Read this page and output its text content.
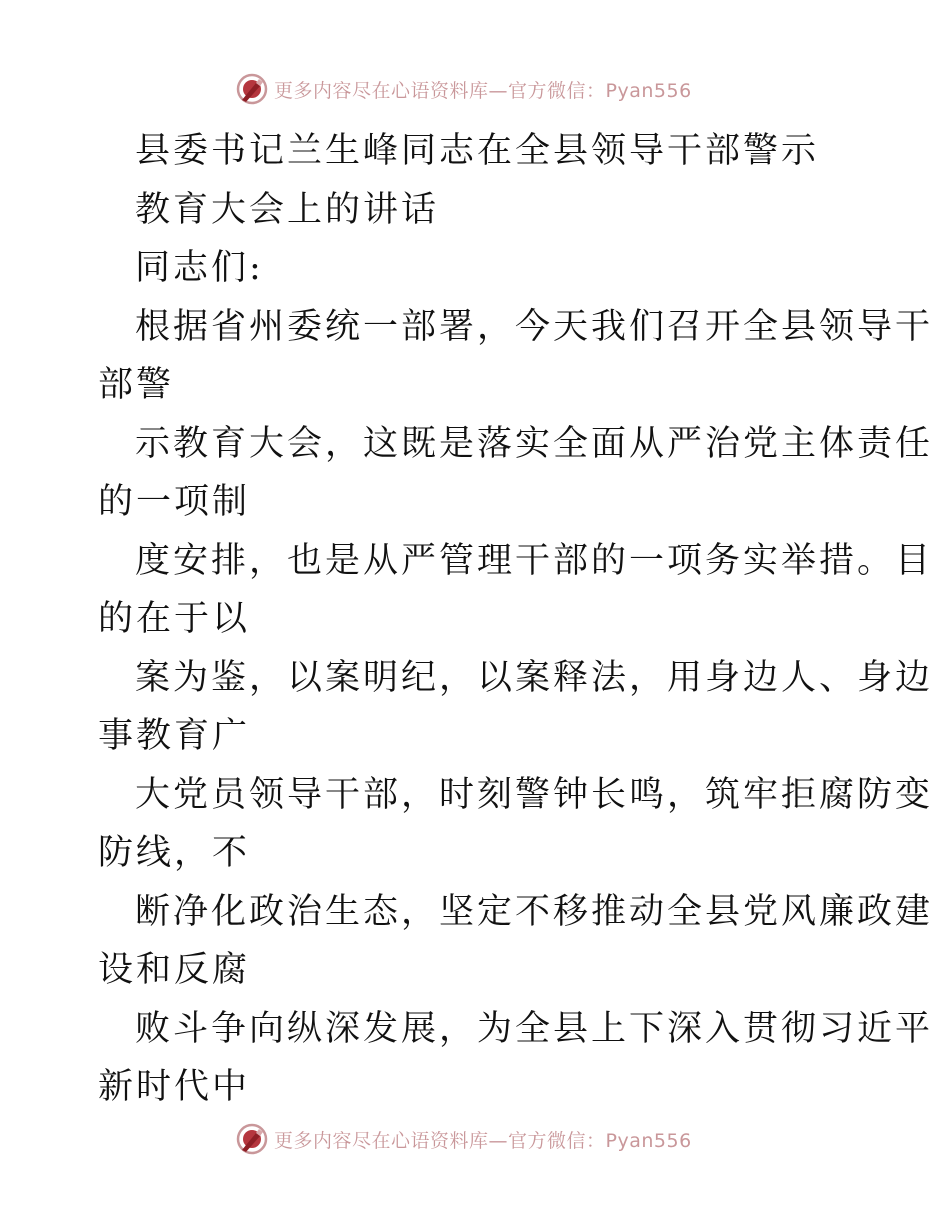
更多内容尽在心语资料库—官方微信：Pyan556
县委书记兰生峰同志在全县领导干部警示
教育大会上的讲话
同志们:
根据省州委统一部署，今天我们召开全县领导干
部警
示教育大会，这既是落实全面从严治党主体责任
的一项制
度安排，也是从严管理干部的一项务实举措。目
的在于以
案为鉴，以案明纪，以案释法，用身边人、身边
事教育广
大党员领导干部，时刻警钟长鸣，筑牢拒腐防变
防线，不
断净化政治生态，坚定不移推动全县党风廉政建
设和反腐
败斗争向纵深发展，为全县上下深入贯彻习近平
新时代中
更多内容尽在心语资料库—官方微信：Pyan556
